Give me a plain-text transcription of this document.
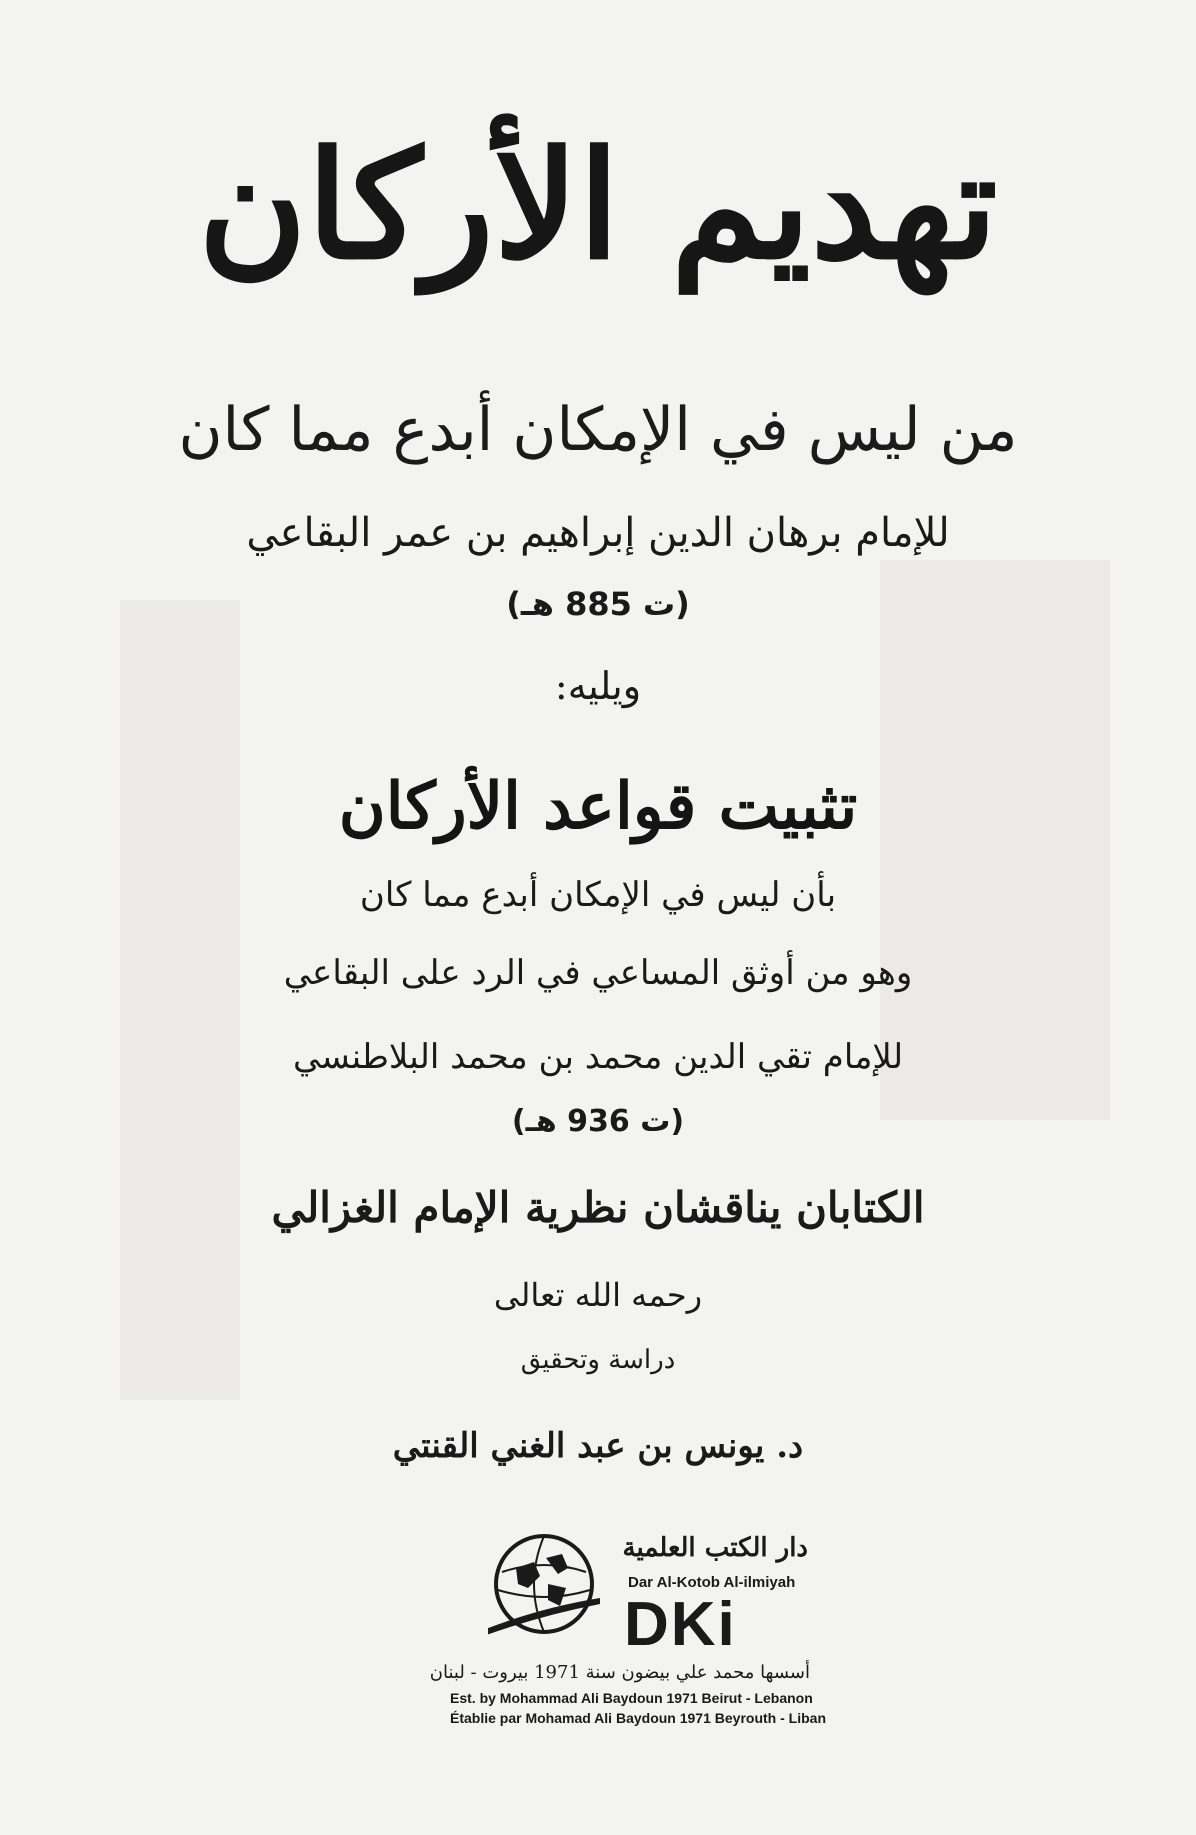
تهديم الأركان
من ليس في الإمكان أبدع مما كان
للإمام برهان الدين إبراهيم بن عمر البقاعي
(ت 885 هـ)
ويليه:
تثبيت قواعد الأركان
بأن ليس في الإمكان أبدع مما كان
وهو من أوثق المساعي في الرد على البقاعي
للإمام تقي الدين محمد بن محمد البلاطنسي
(ت 936 هـ)
الكتابان يناقشان نظرية الإمام الغزالي
رحمه الله تعالى
دراسة وتحقيق
د. يونس بن عبد الغني القنتي
دار الكتب العلمية
Dar Al-Kotob Al-ilmiyah
DKi
أسسها محمد علي بيضون سنة 1971 بيروت - لبنان
Est. by Mohammad Ali Baydoun 1971 Beirut - Lebanon
Établie par Mohamad Ali Baydoun 1971 Beyrouth - Liban
